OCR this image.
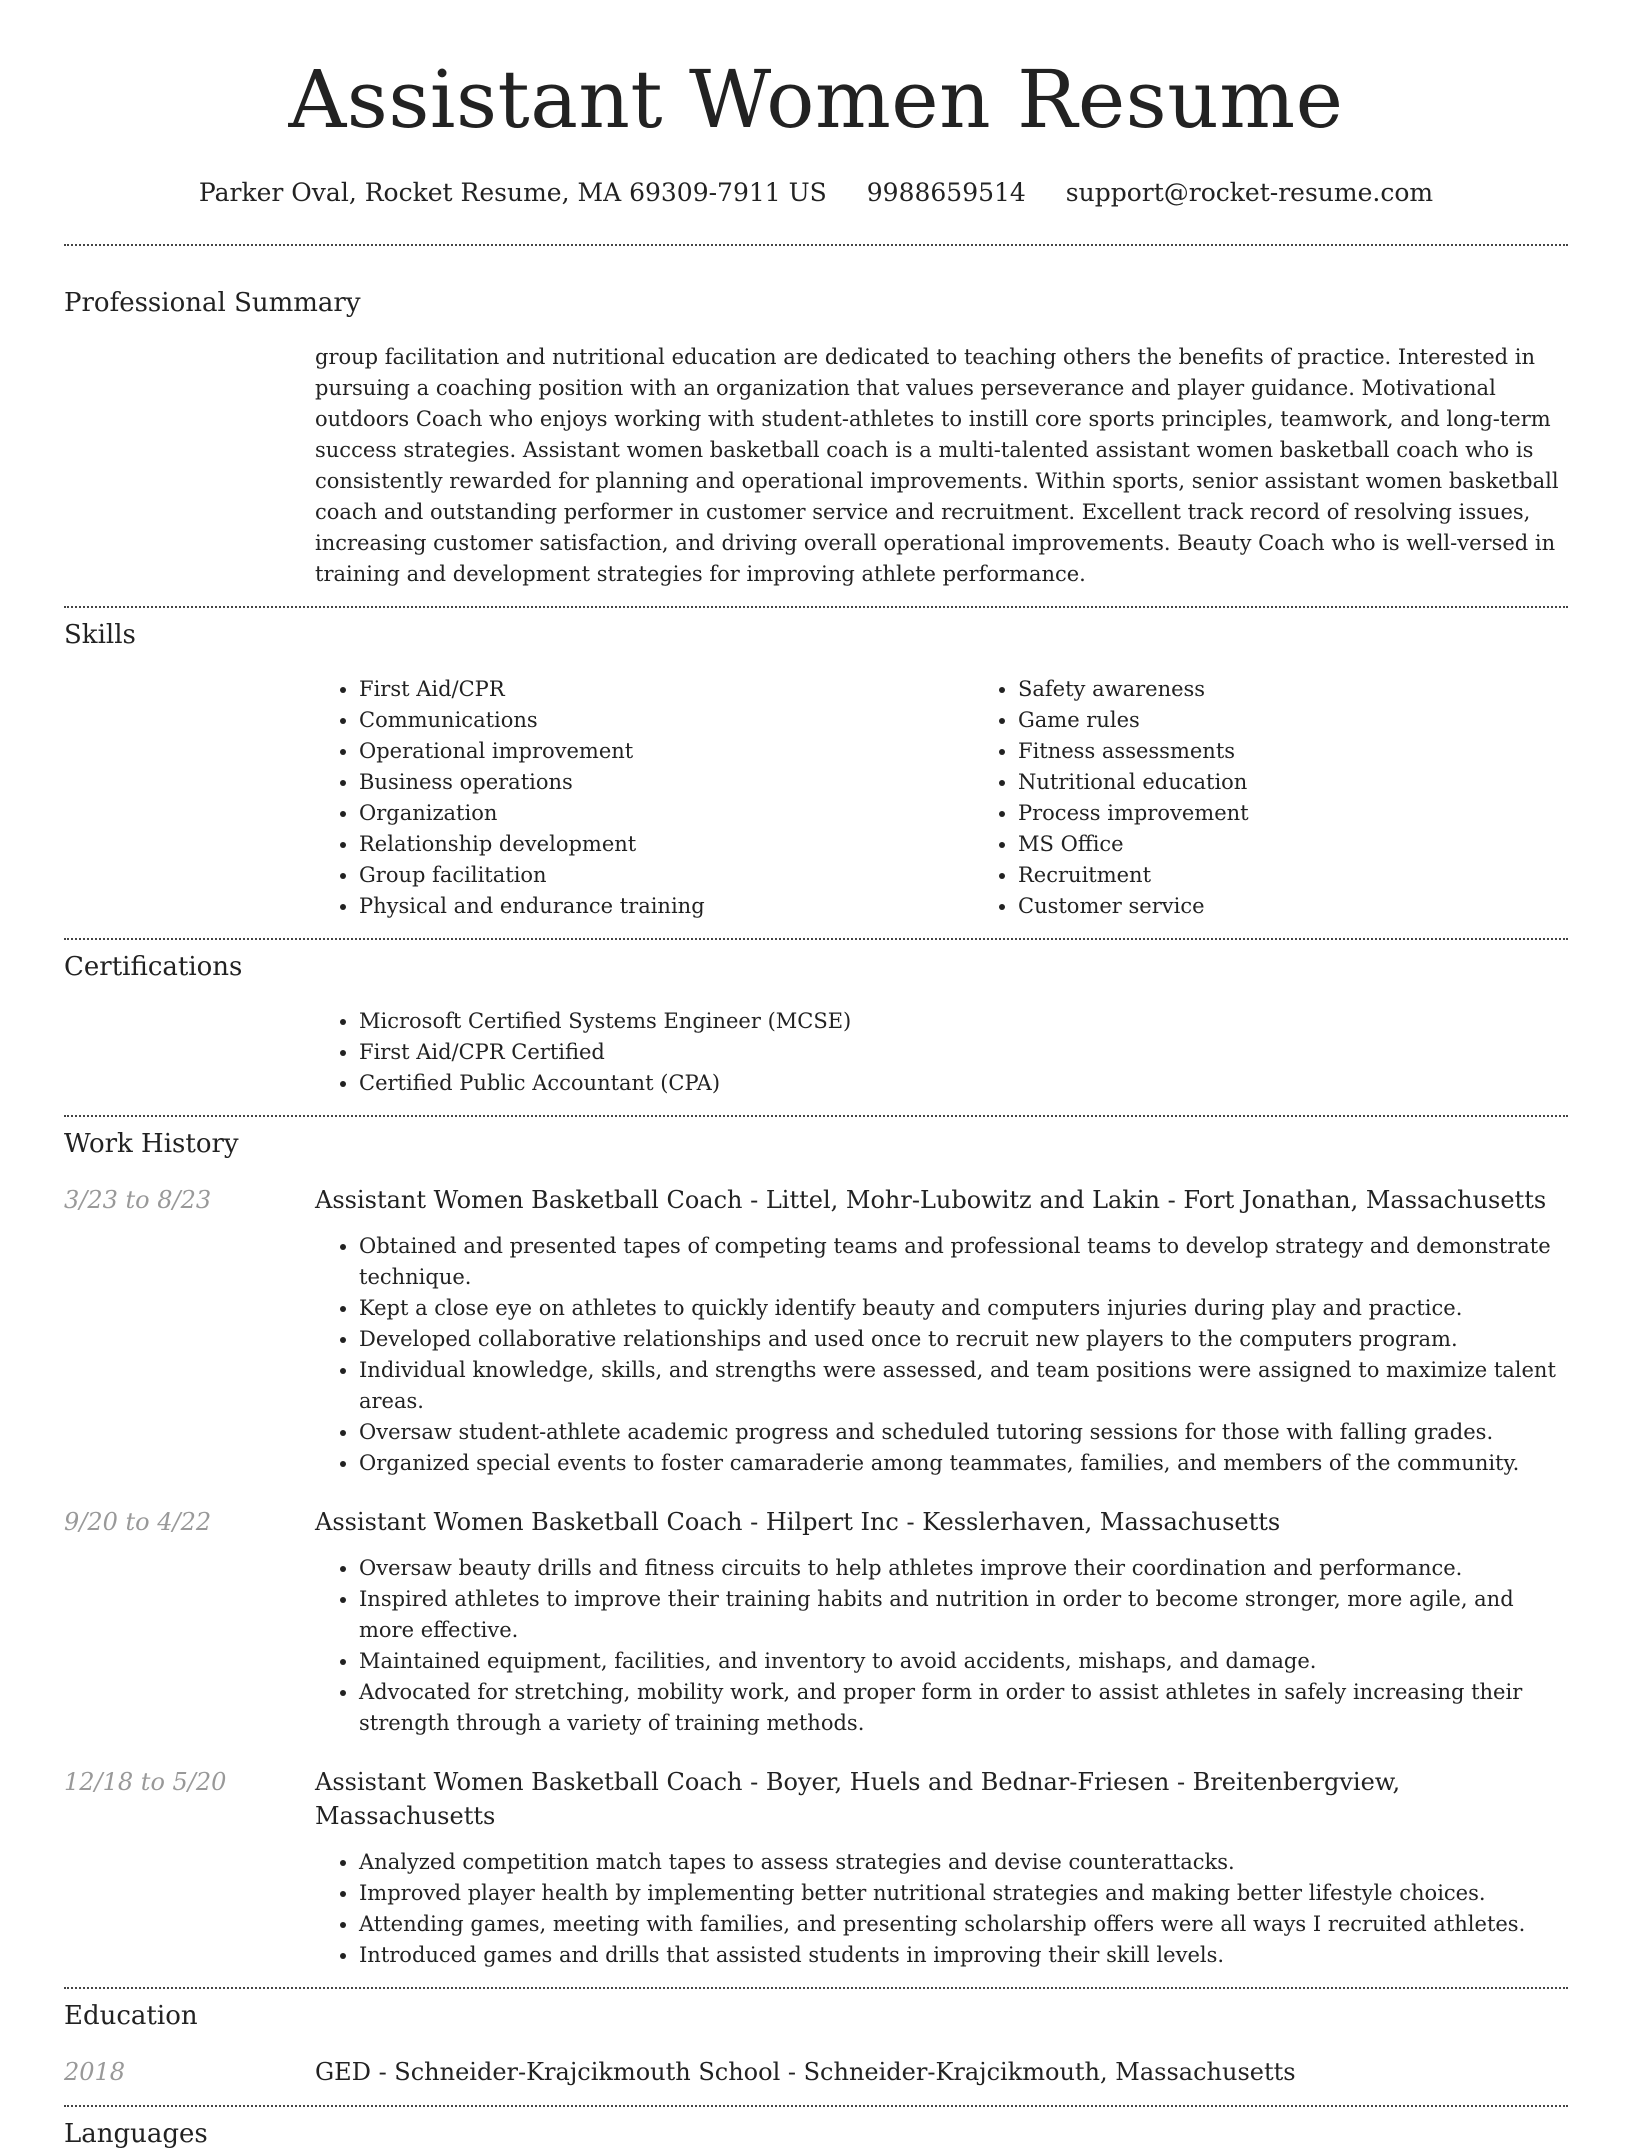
Assistant Women Resume
Parker Oval, Rocket Resume, MA 69309-7911 US 9988659514 support@rocket-resume.com
Professional Summary

group facilitation and nutritional education are dedicated to teaching others the benefits of practice. Interested in pursuing a coaching position with an organization that values perseverance and player guidance. Motivational outdoors Coach who enjoys working with student-athletes to instill core sports principles, teamwork, and long-term success strategies. Assistant women basketball coach is a multi-talented assistant women basketball coach who is consistently rewarded for planning and operational improvements. Within sports, senior assistant women basketball coach and outstanding performer in customer service and recruitment. Excellent track record of resolving issues, increasing customer satisfaction, and driving overall operational improvements. Beauty Coach who is well-versed in training and development strategies for improving athlete performance.

Skills
• First Aid/CPR
• Communications
• Operational improvement
• Business operations
• Organization
• Relationship development
• Group facilitation
• Physical and endurance training
• Safety awareness
• Game rules
• Fitness assessments
• Nutritional education
• Process improvement
• MS Office
• Recruitment
• Customer service
Certifications
• Microsoft Certified Systems Engineer (MCSE)
• First Aid/CPR Certified
• Certified Public Accountant (CPA)
Work History
3/23 to 8/23	Assistant Women Basketball Coach - Littel, Mohr-Lubowitz and Lakin - Fort Jonathan, Massachusetts
• Obtained and presented tapes of competing teams and professional teams to develop strategy and demonstrate technique.
• Kept a close eye on athletes to quickly identify beauty and computers injuries during play and practice.
• Developed collaborative relationships and used once to recruit new players to the computers program.
• Individual knowledge, skills, and strengths were assessed, and team positions were assigned to maximize talent areas.
• Oversaw student-athlete academic progress and scheduled tutoring sessions for those with falling grades.
• Organized special events to foster camaraderie among teammates, families, and members of the community.
9/20 to 4/22	Assistant Women Basketball Coach - Hilpert Inc - Kesslerhaven, Massachusetts
• Oversaw beauty drills and fitness circuits to help athletes improve their coordination and performance.
• Inspired athletes to improve their training habits and nutrition in order to become stronger, more agile, and more effective.
• Maintained equipment, facilities, and inventory to avoid accidents, mishaps, and damage.
• Advocated for stretching, mobility work, and proper form in order to assist athletes in safely increasing their strength through a variety of training methods.
12/18 to 5/20	Assistant Women Basketball Coach - Boyer, Huels and Bednar-Friesen - Breitenbergview, Massachusetts
• Analyzed competition match tapes to assess strategies and devise counterattacks.
• Improved player health by implementing better nutritional strategies and making better lifestyle choices.
• Attending games, meeting with families, and presenting scholarship offers were all ways I recruited athletes.
• Introduced games and drills that assisted students in improving their skill levels.
Education
2018	GED - Schneider-Krajcikmouth School - Schneider-Krajcikmouth, Massachusetts
Languages
